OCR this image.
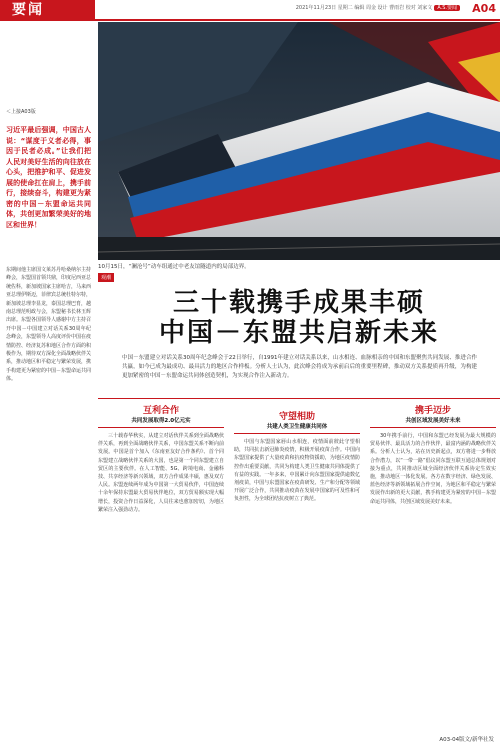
要闻	2021年11月23日 星期二 编辑 周金 设计 曹雨岩 校对 刘家文 A.S.要闻	A04
＜上接A03版
习近平最后强调，中国古人说：“谋度于义者必得，事因于民者必成。”让我们把人民对美好生活的向往放在心头，把推护和平、促进发展的使命扛在肩上，携手前行，接续奋斗，构建更为紧密的中国－东盟命运共同体，共创更加繁荣美好的地区和世界！
东期间他主席国文莱苏丹哈桑纳尔主持峰会，东盟国首领共鼎，印度尼西亚总统佐科，新加坡国家主席哈吉，马来西亚总理伊斯迈，菲律宾总统杜特尔特，新加坡总理李显龙，泰国总理巴育，越南总理范明政与会，东盟秘书长林玉辉出席。东盟各国领导人感谢中方主持召开中国－中国建立对话关系30周年纪念峰会，东盟领导人高度评价中国在疫情防控、经济复苏和地区合作方面的积极作为，期待双方深化全面战略伙伴关系，推动地区和平稳定与繁荣发展，携手构建更为紧密的中国－东盟命运共同体。
10月15日，“澜沧号”动车组通过中老友谊隧道内的局部边界。
观潮
三十载携手成果丰硕
中国－东盟共启新未来
中国－东盟建立对话关系30周年纪念峰会于22日举行，自1991年建立对话关系以来，山水相连、血脉相亲的中国和东盟聚焦共同发展、推进合作共赢，如今已成为最成功、最具活力的地区合作样板。分析人士认为，此次峰会将成为承前启后的重要里程碑，推动双方关系提质再升级，为构建更加紧密的中国－东盟命运共同体创造契机，为实现合作注入新动力。
互利合作
共同发展取得2.0亿元实

三十载春华秋实，从建立对话伙伴关系到全面战略伙伴关系，再到全面战略伙伴关系，中国东盟关系不断向前发展。中国是首个加入《东南亚友好合作条约》、首个同东盟建立战略伙伴关系的大国，也是第一个同东盟建立自贸区的主要伙伴。在人工智能、5G、跨境电商、金融科技、共享经济等新兴领域，双方合作成果丰硕，惠及双方人民。东盟连续两年成为中国第一大贸易伙伴，中国连续十余年保持东盟最大贸易伙伴地位，双方贸易额实现大幅增长，投资合作日益深化，人员往来也愈加密切，为地区繁荣注入强劲动力。

守望相助
共建人类卫生健康共同体

中国与东盟国家唇山水相连，疫情面前彼此守望相助，共同抗击新冠肺炎疫情，积极开展疫苗合作。中国向东盟国家提供了大量疫苗和抗疫物资援助，为地区疫情防控作出重要贡献，共同为构建人类卫生健康共同体提供了有益的实践。一年多来，中国累计向东盟国家提供逾数亿剂疫苗，中国与东盟国家在疫苗研发、生产和分配等领域开展广泛合作，共同推动疫苗在发展中国家的可及性和可负担性，为全球团结抗疫树立了典范。

携手迈步
共创区域发展美好未来

30年携手前行，中国和东盟已经发展为最大规模的贸易伙伴、最具活力的合作伙伴，最富内涵的战略伙伴关系。分析人士认为，站在历史新起点，双方将进一步释放合作潜力，以“一带一路”倡议同东盟互联互通总体规划对接为重点，共同推动区域全面经济伙伴关系协定生效实施，推动地区一体化发展。各方在数字经济、绿色发展、蓝色经济等新领域拓展合作空间，为地区和平稳定与繁荣发展作出新的更大贡献，携手构建更为紧密的中国－东盟命运共同体，共创区域发展美好未来。

A03-04版文/新华社发
